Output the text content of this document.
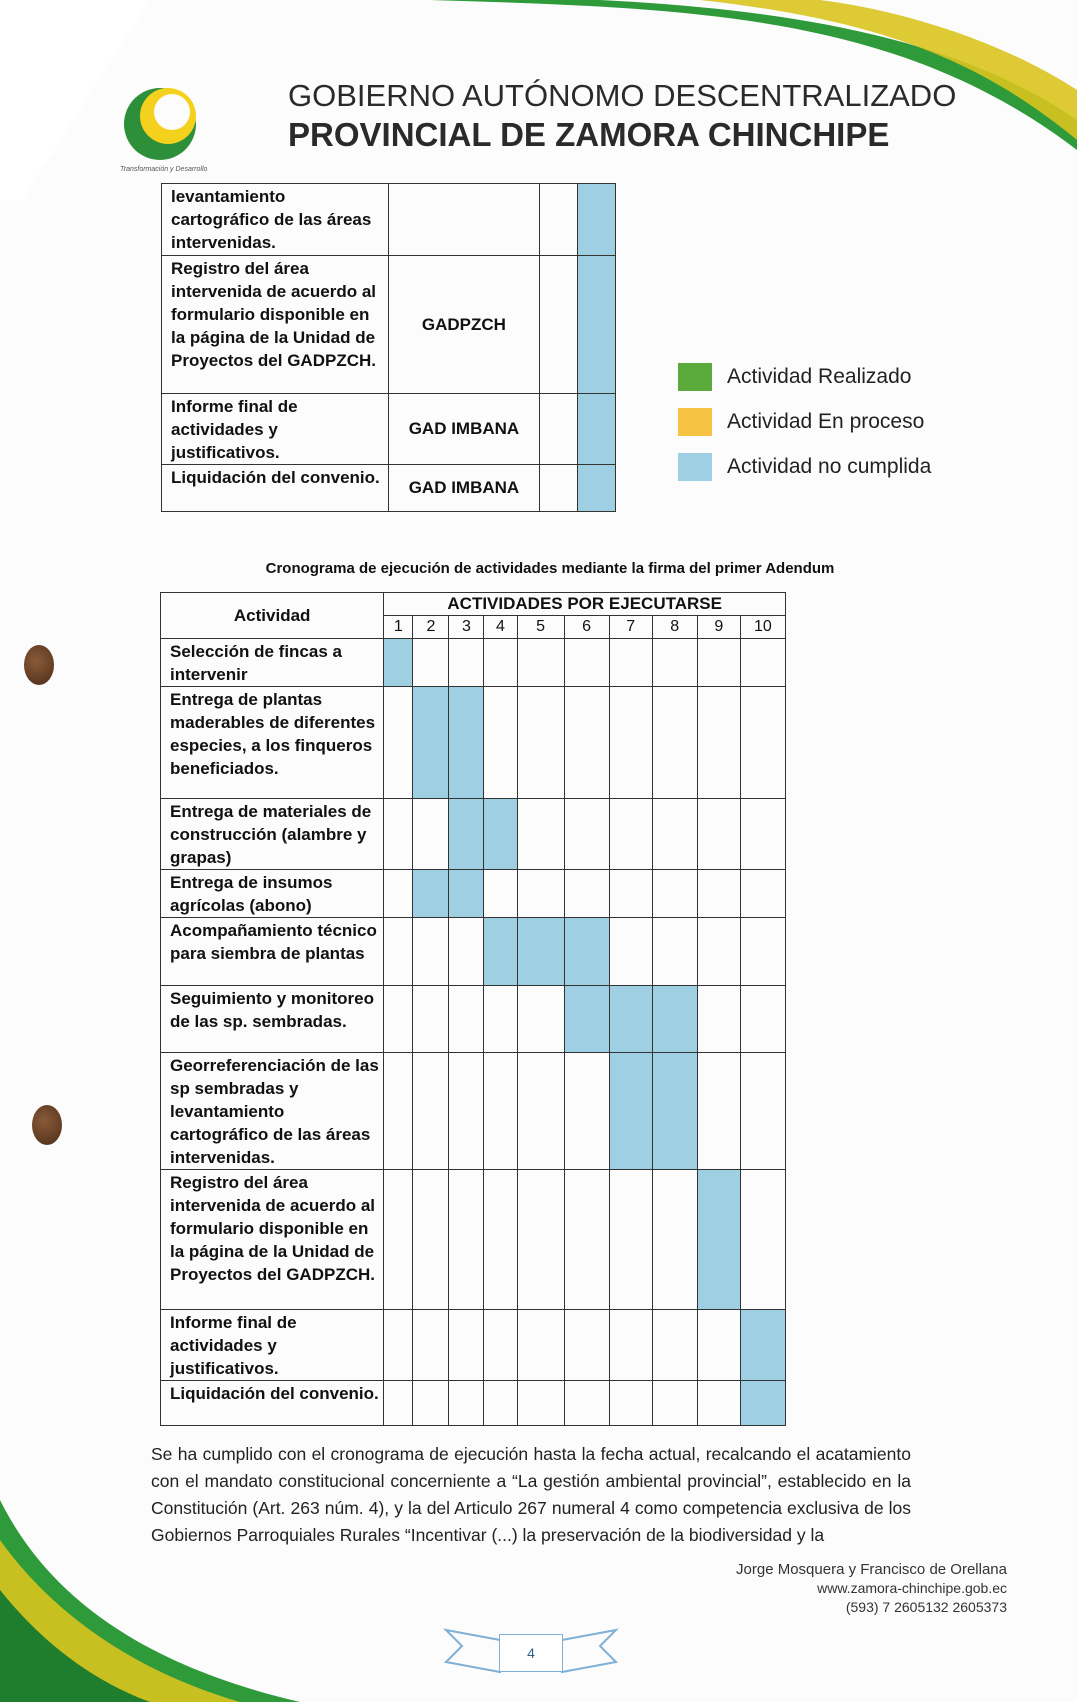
Transformación y Desarrollo
GOBIERNO AUTÓNOMO DESCENTRALIZADO
PROVINCIAL DE ZAMORA CHINCHIPE
levantamiento cartográfico de las áreas intervenidas.			
Registro del área intervenida de acuerdo al formulario disponible en la página de la Unidad de Proyectos del GADPZCH.	GADPZCH		
Informe final de actividades y justificativos.	GAD IMBANA		
Liquidación del convenio.	GAD IMBANA		
Actividad Realizado
Actividad En proceso
Actividad no cumplida
Cronograma de ejecución de actividades mediante la firma del primer Adendum
Actividad	ACTIVIDADES POR EJECUTARSE									
	1	2	3	4	5	6	7	8	9	10
Selección de fincas a intervenir										
Entrega de plantas maderables de diferentes especies, a los finqueros beneficiados.										
Entrega de materiales de construcción (alambre y grapas)										
Entrega de insumos agrícolas (abono)										
Acompañamiento técnico para siembra de plantas										
Seguimiento y monitoreo de las sp. sembradas.										
Georreferenciación de las sp sembradas y levantamiento cartográfico de las áreas intervenidas.										
Registro del área intervenida de acuerdo al formulario disponible en la página de la Unidad de Proyectos del GADPZCH.										
Informe final de actividades y justificativos.										
Liquidación del convenio.										
Se ha cumplido con el cronograma de ejecución hasta la fecha actual, recalcando el acatamiento con el mandato constitucional concerniente a “La gestión ambiental provincial”, establecido en la Constitución (Art. 263 núm. 4), y la del Articulo 267 numeral 4 como competencia exclusiva de los Gobiernos Parroquiales Rurales “Incentivar (...) la preservación de la biodiversidad y la
Jorge Mosquera y Francisco de Orellana
www.zamora-chinchipe.gob.ec
(593) 7 2605132 2605373
4
